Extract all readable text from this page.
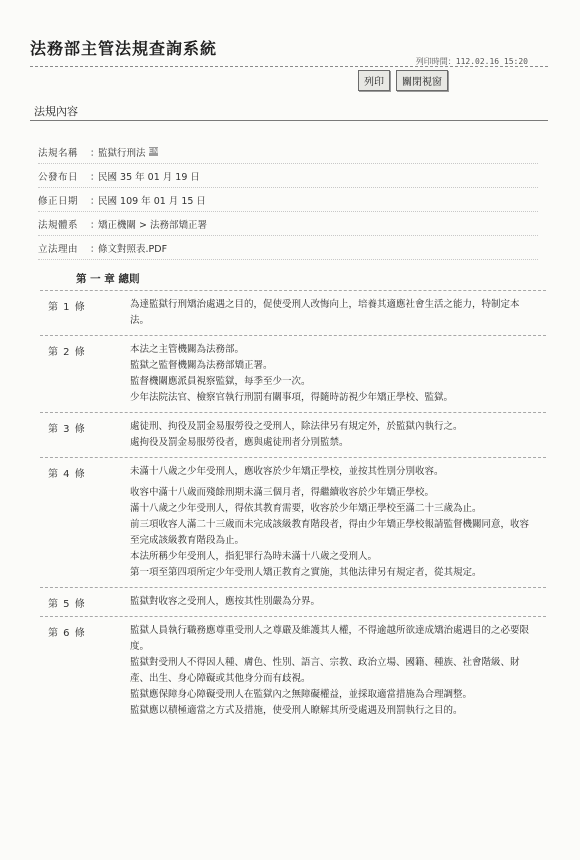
法務部主管法規查詢系統
列印時間：112.02.16 15:20
列印	關閉視窗
法規內容
法規名稱	：
監獄行刑法 EN
公發布日	：
民國 35 年 01 月 19 日
修正日期	：
民國 109 年 01 月 15 日
法規體系	：
矯正機關 > 法務部矯正署
立法理由	：
條文對照表.PDF
第 一 章 總則
第 1 條	為達監獄行刑矯治處遇之目的，促使受刑人改悔向上，培養其適應社會生活之能力，特制定本法。

第 2 條	本法之主管機關為法務部。

監獄之監督機關為法務部矯正署。

監督機關應派員視察監獄，每季至少一次。

少年法院法官、檢察官執行刑罰有關事項，得隨時訪視少年矯正學校、監獄。

第 3 條	處徒刑、拘役及罰金易服勞役之受刑人，除法律另有規定外，於監獄內執行之。

處拘役及罰金易服勞役者，應與處徒刑者分別監禁。

第 4 條	未滿十八歲之少年受刑人，應收容於少年矯正學校，並按其性別分別收容。

收容中滿十八歲而殘餘刑期未滿三個月者，得繼續收容於少年矯正學校。

滿十八歲之少年受刑人，得依其教育需要，收容於少年矯正學校至滿二十三歲為止。

前三項收容人滿二十三歲而未完成該級教育階段者，得由少年矯正學校報請監督機關同意，收容至完成該級教育階段為止。

本法所稱少年受刑人，指犯罪行為時未滿十八歲之受刑人。

第一項至第四項所定少年受刑人矯正教育之實施，其他法律另有規定者，從其規定。

第 5 條	監獄對收容之受刑人，應按其性別嚴為分界。

第 6 條	監獄人員執行職務應尊重受刑人之尊嚴及維護其人權，不得逾越所欲達成矯治處遇目的之必要限度。

監獄對受刑人不得因人種、膚色、性別、語言、宗教、政治立場、國籍、種族、社會階級、財產、出生、身心障礙或其他身分而有歧視。

監獄應保障身心障礙受刑人在監獄內之無障礙權益，並採取適當措施為合理調整。

監獄應以積極適當之方式及措施，使受刑人瞭解其所受處遇及刑罰執行之目的。
